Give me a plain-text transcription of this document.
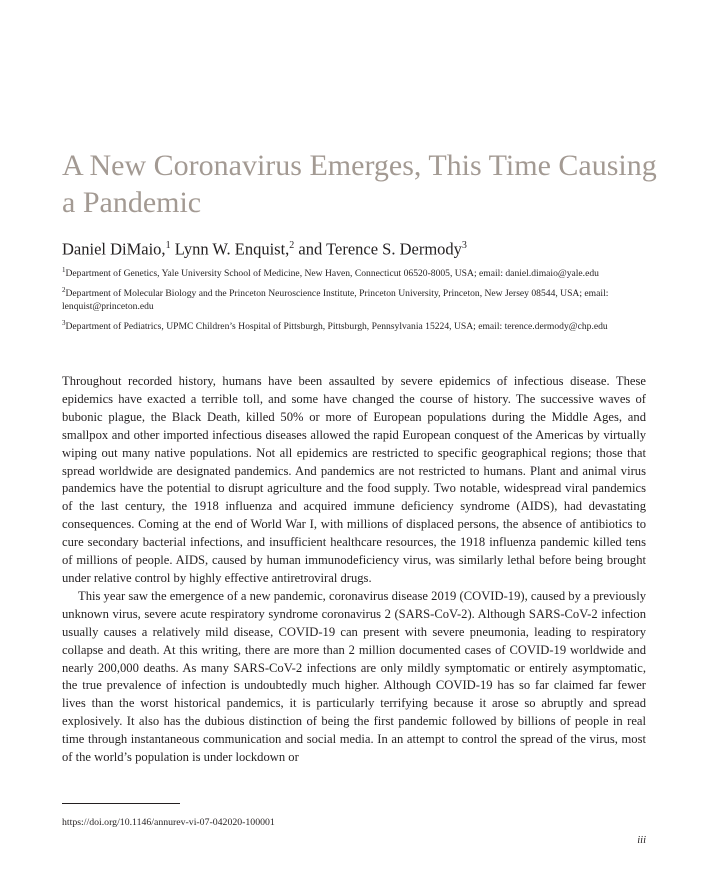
A New Coronavirus Emerges, This Time Causing a Pandemic
Daniel DiMaio,$^1$ Lynn W. Enquist,$^2$ and Terence S. Dermody$^3$
$^1$Department of Genetics, Yale University School of Medicine, New Haven, Connecticut 06520-8005, USA; email: daniel.dimaio@yale.edu
$^2$Department of Molecular Biology and the Princeton Neuroscience Institute, Princeton University, Princeton, New Jersey 08544, USA; email: lenquist@princeton.edu
$^3$Department of Pediatrics, UPMC Children’s Hospital of Pittsburgh, Pittsburgh, Pennsylvania 15224, USA; email: terence.dermody@chp.edu

Throughout recorded history, humans have been assaulted by severe epidemics of infectious disease. These epidemics have exacted a terrible toll, and some have changed the course of history. The successive waves of bubonic plague, the Black Death, killed 50% or more of European populations during the Middle Ages, and smallpox and other imported infectious diseases allowed the rapid European conquest of the Americas by virtually wiping out many native populations. Not all epidemics are restricted to specific geographical regions; those that spread worldwide are designated pandemics. And pandemics are not restricted to humans. Plant and animal virus pandemics have the potential to disrupt agriculture and the food supply. Two notable, widespread viral pandemics of the last century, the 1918 influenza and acquired immune deficiency syndrome (AIDS), had devastating consequences. Coming at the end of World War I, with millions of displaced persons, the absence of antibiotics to cure secondary bacterial infections, and insufficient healthcare resources, the 1918 influenza pandemic killed tens of millions of people. AIDS, caused by human immunodeficiency virus, was similarly lethal before being brought under relative control by highly effective antiretroviral drugs.

This year saw the emergence of a new pandemic, coronavirus disease 2019 (COVID-19), caused by a previously unknown virus, severe acute respiratory syndrome coronavirus 2 (SARS-CoV-2). Although SARS-CoV-2 infection usually causes a relatively mild disease, COVID-19 can present with severe pneumonia, leading to respiratory collapse and death. At this writing, there are more than 2 million documented cases of COVID-19 worldwide and nearly 200,000 deaths. As many SARS-CoV-2 infections are only mildly symptomatic or entirely asymptomatic, the true prevalence of infection is undoubtedly much higher. Although COVID-19 has so far claimed far fewer lives than the worst historical pandemics, it is particularly terrifying because it arose so abruptly and spread explosively. It also has the dubious distinction of being the first pandemic followed by billions of people in real time through instantaneous communication and social media. In an attempt to control the spread of the virus, most of the world’s population is under lockdown or

https://doi.org/10.1146/annurev-vi-07-042020-100001
iii
